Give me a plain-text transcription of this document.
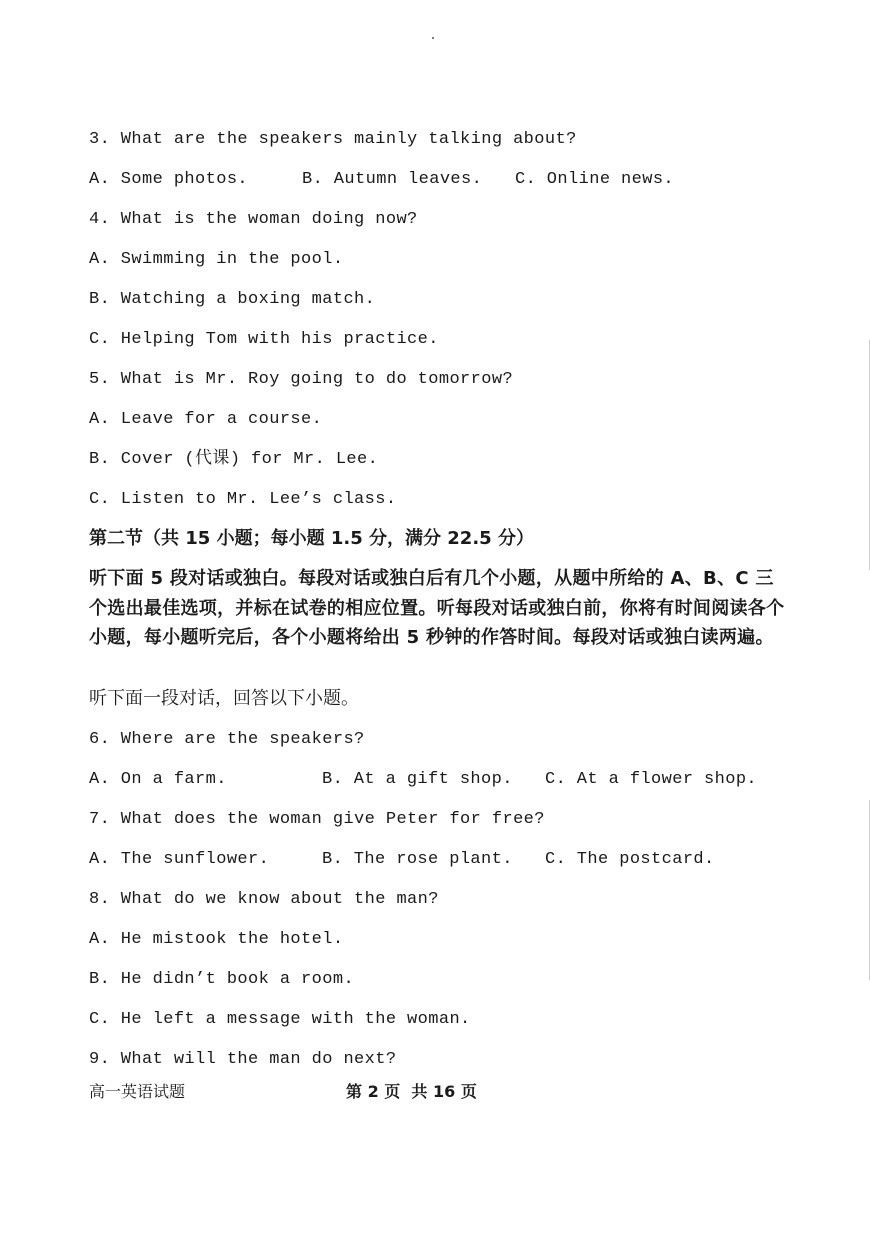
3. What are the speakers mainly talking about?
A. Some photos.	B. Autumn leaves. C. Online news.
4. What is the woman doing now?
A. Swimming in the pool.
B. Watching a boxing match.
C. Helping Tom with his practice.
5. What is Mr. Roy going to do tomorrow?
A. Leave for a course.
B. Cover (代课) for Mr. Lee.
C. Listen to Mr. Lee’s class.
第二节（共 15 小题；每小题 1.5 分，满分 22.5 分）
听下面 5 段对话或独白。每段对话或独白后有几个小题，从题中所给的 A、B、C 三个选出最佳选项，并标在试卷的相应位置。听每段对话或独白前，你将有时间阅读各个小题，每小题听完后，各个小题将给出 5 秒钟的作答时间。每段对话或独白读两遍。
听下面一段对话，回答以下小题。
6. Where are the speakers?
A. On a farm.	B. At a gift shop. C. At a flower shop.
7. What does the woman give Peter for free?
A. The sunflower.	B. The rose plant. C. The postcard.
8. What do we know about the man?
A. He mistook the hotel.
B. He didn’t book a room.
C. He left a message with the woman.
9. What will the man do next?
高一英语试题	第 2 页  共 16 页
